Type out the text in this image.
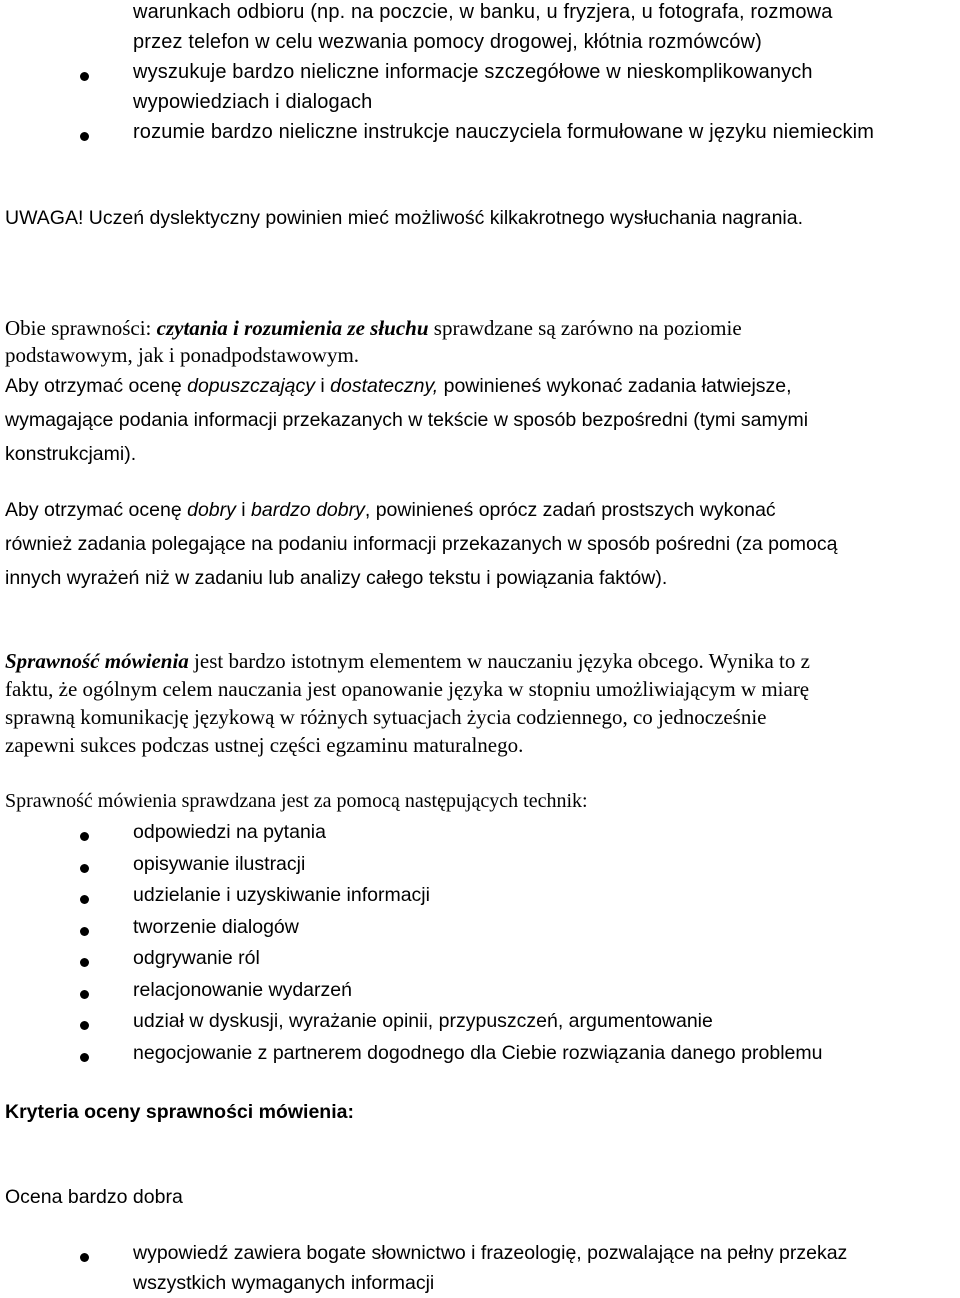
warunkach odbioru (np. na poczcie, w banku, u fryzjera, u fotografa, rozmowa
przez telefon w celu wezwania pomocy drogowej, kłótnia rozmówców)
wyszukuje bardzo nieliczne informacje szczegółowe w nieskomplikowanych
wypowiedziach i dialogach
rozumie bardzo nieliczne instrukcje nauczyciela formułowane w języku niemieckim
UWAGA! Uczeń dyslektyczny powinien mieć możliwość kilkakrotnego wysłuchania nagrania.
Obie sprawności: czytania i rozumienia ze słuchu sprawdzane są zarówno na poziomie
podstawowym, jak i ponadpodstawowym.
Aby otrzymać ocenę dopuszczający i dostateczny, powinieneś wykonać zadania łatwiejsze,
wymagające podania informacji przekazanych w tekście w sposób bezpośredni (tymi samymi
konstrukcjami).
Aby otrzymać ocenę dobry i bardzo dobry, powinieneś oprócz zadań prostszych wykonać
również zadania polegające na podaniu informacji przekazanych w sposób pośredni (za pomocą
innych wyrażeń niż w zadaniu lub analizy całego tekstu i powiązania faktów).
Sprawność mówienia jest bardzo istotnym elementem w nauczaniu języka obcego. Wynika to z
faktu, że ogólnym celem nauczania jest opanowanie języka w stopniu umożliwiającym w miarę
sprawną komunikację językową w różnych sytuacjach życia codziennego, co jednocześnie
zapewni sukces podczas ustnej części egzaminu maturalnego.
Sprawność mówienia sprawdzana jest za pomocą następujących technik:
odpowiedzi na pytania
opisywanie ilustracji
udzielanie i uzyskiwanie informacji
tworzenie dialogów
odgrywanie ról
relacjonowanie wydarzeń
udział w dyskusji, wyrażanie opinii, przypuszczeń, argumentowanie
negocjowanie z partnerem dogodnego dla Ciebie rozwiązania danego problemu
Kryteria oceny sprawności mówienia:
Ocena bardzo dobra
wypowiedź zawiera bogate słownictwo i frazeologię, pozwalające na pełny przekaz
wszystkich wymaganych informacji
